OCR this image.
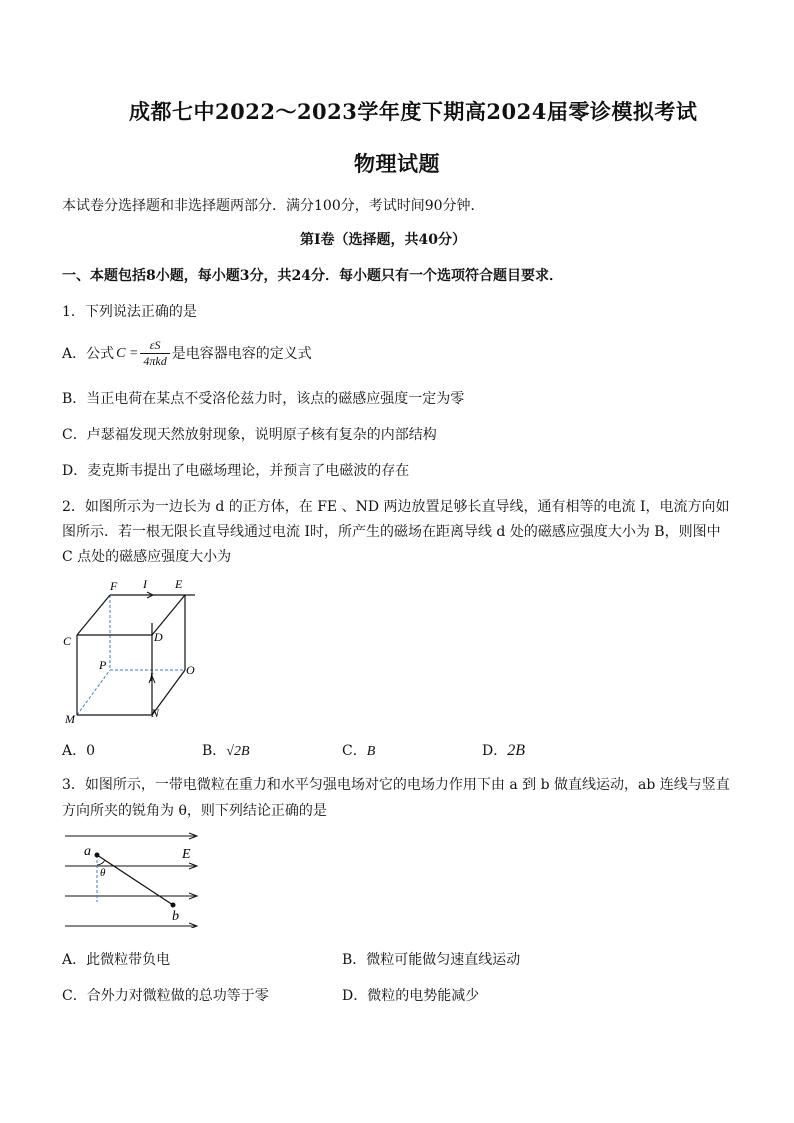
成都七中2022～2023学年度下期高2024届零诊模拟考试
物理试题
本试卷分选择题和非选择题两部分．满分100分，考试时间90分钟．
第Ⅰ卷（选择题，共40分）
一、本题包括8小题，每小题3分，共24分．每小题只有一个选项符合题目要求．
1．下列说法正确的是
A．公式 $C = \frac{\varepsilon S}{\text{4πkd}}$ 是电容器电容的定义式
B．当正电荷在某点不受洛伦兹力时，该点的磁感应强度一定为零
C．卢瑟福发现天然放射现象，说明原子核有复杂的内部结构
D．麦克斯韦提出了电磁场理论，并预言了电磁波的存在
2．如图所示为一边长为 d 的正方体，在 FE 、ND 两边放置足够长直导线，通有相等的电流 I，电流方向如
图所示．若一根无限长直导线通过电流 I时，所产生的磁场在距离导线 d 处的磁感应强度大小为 B，则图中
C 点处的磁感应强度大小为
F I E
C	D
P	O
I
M	N
A．0	B．√2B	C．B	D．2B
3．如图所示，一带电微粒在重力和水平匀强电场对它的电场力作用下由 a 到 b 做直线运动，ab 连线与竖直
方向所夹的锐角为 θ，则下列结论正确的是
a	E
θ
b
A．此微粒带负电	B．微粒可能做匀速直线运动
C．合外力对微粒做的总功等于零	D．微粒的电势能减少
